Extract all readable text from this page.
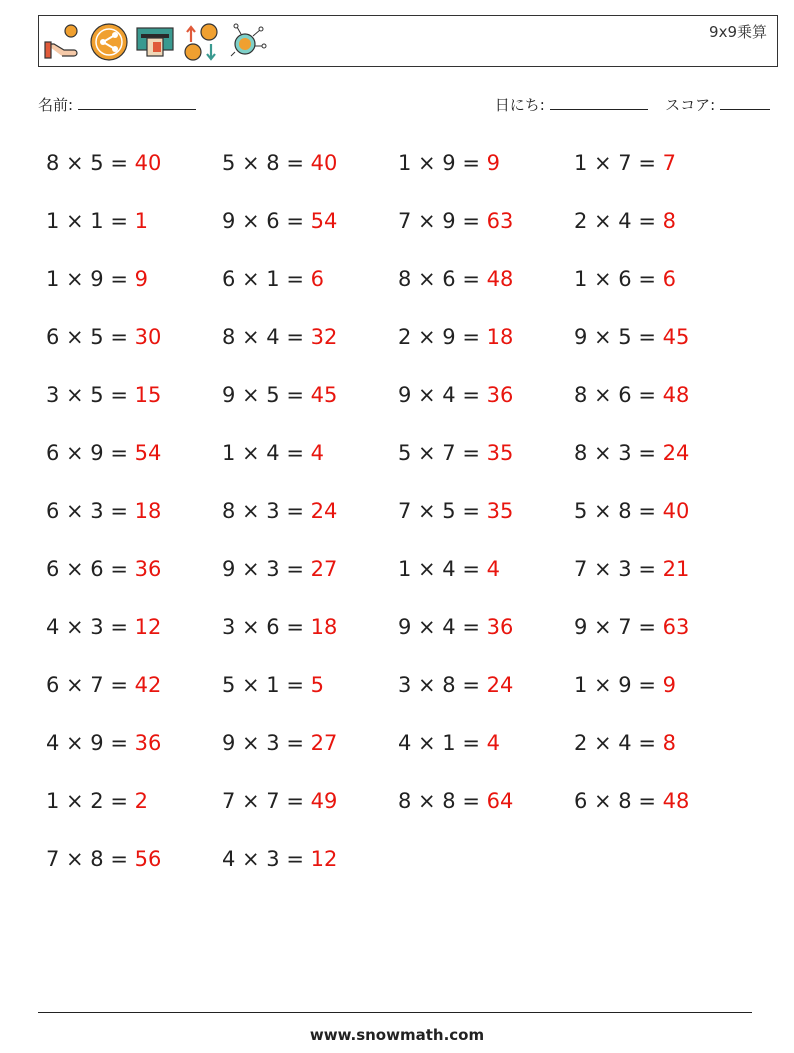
9x9乗算
名前:	日にち:	スコア:
8 × 5 = 40	5 × 8 = 40	1 × 9 = 9	1 × 7 = 7
1 × 1 = 1	9 × 6 = 54	7 × 9 = 63	2 × 4 = 8
1 × 9 = 9	6 × 1 = 6	8 × 6 = 48	1 × 6 = 6
6 × 5 = 30	8 × 4 = 32	2 × 9 = 18	9 × 5 = 45
3 × 5 = 15	9 × 5 = 45	9 × 4 = 36	8 × 6 = 48
6 × 9 = 54	1 × 4 = 4	5 × 7 = 35	8 × 3 = 24
6 × 3 = 18	8 × 3 = 24	7 × 5 = 35	5 × 8 = 40
6 × 6 = 36	9 × 3 = 27	1 × 4 = 4	7 × 3 = 21
4 × 3 = 12	3 × 6 = 18	9 × 4 = 36	9 × 7 = 63
6 × 7 = 42	5 × 1 = 5	3 × 8 = 24	1 × 9 = 9
4 × 9 = 36	9 × 3 = 27	4 × 1 = 4	2 × 4 = 8
1 × 2 = 2	7 × 7 = 49	8 × 8 = 64	6 × 8 = 48
7 × 8 = 56	4 × 3 = 12
www.snowmath.com
